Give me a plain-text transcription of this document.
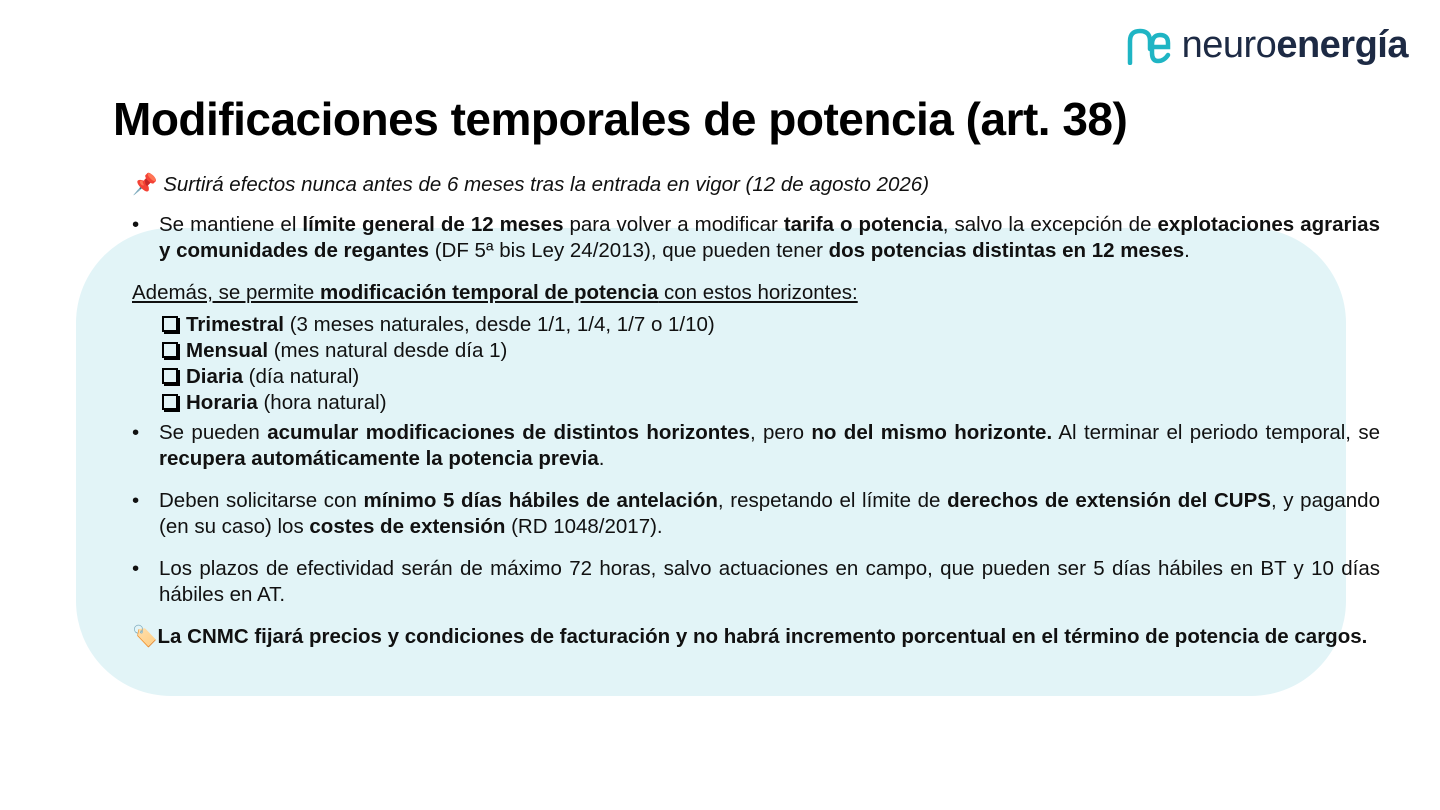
neuroenergía
Modificaciones temporales de potencia (art. 38)

📌 Surtirá efectos nunca antes de 6 meses tras la entrada en vigor (12 de agosto 2026)

• Se mantiene el límite general de 12 meses para volver a modificar tarifa o potencia, salvo la excepción de explotaciones agrarias y comunidades de regantes (DF 5ª bis Ley 24/2013), que pueden tener dos potencias distintas en 12 meses.
Además, se permite modificación temporal de potencia con estos horizontes:
Trimestral (3 meses naturales, desde 1/1, 1/4, 1/7 o 1/10)
Mensual (mes natural desde día 1)
Diaria (día natural)
Horaria (hora natural)
• Se pueden acumular modificaciones de distintos horizontes, pero no del mismo horizonte. Al terminar el periodo temporal, se recupera automáticamente la potencia previa.
• Deben solicitarse con mínimo 5 días hábiles de antelación, respetando el límite de derechos de extensión del CUPS, y pagando (en su caso) los costes de extensión (RD 1048/2017).
• Los plazos de efectividad serán de máximo 72 horas, salvo actuaciones en campo, que pueden ser 5 días hábiles en BT y 10 días hábiles en AT.

🏷️La CNMC fijará precios y condiciones de facturación y no habrá incremento porcentual en el término de potencia de cargos.
